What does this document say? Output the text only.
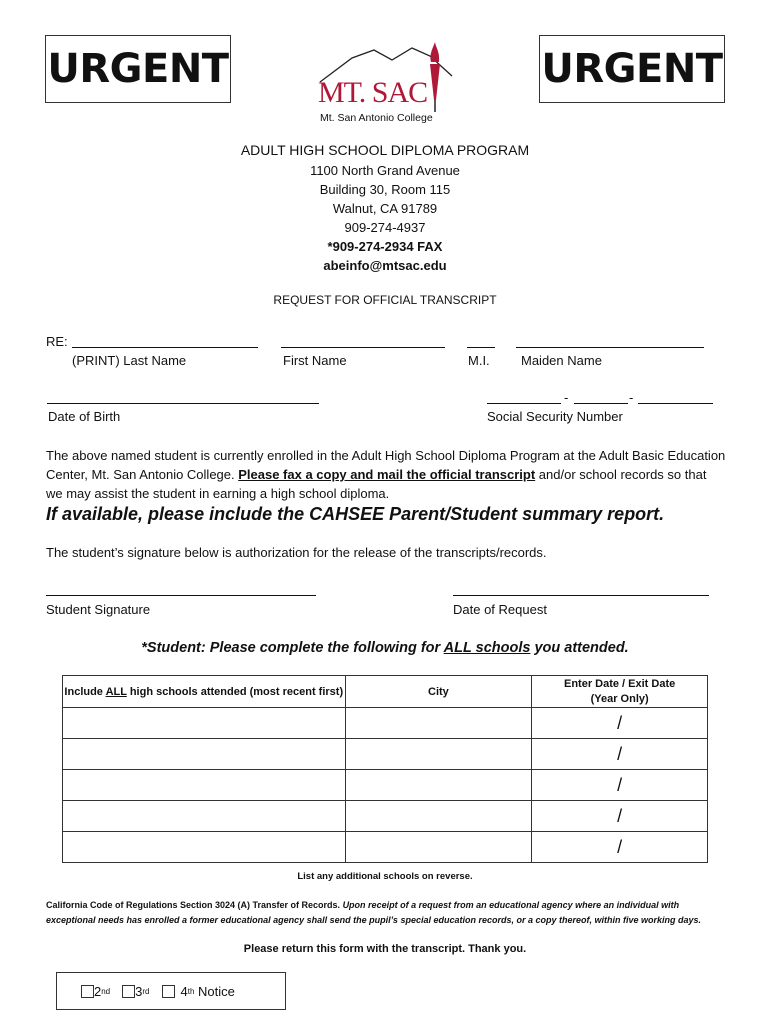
URGENT	URGENT
MT. SAC
Mt. San Antonio College
ADULT HIGH SCHOOL DIPLOMA PROGRAM
1100 North Grand Avenue
Building 30, Room 115
Walnut, CA 91789
909-274-4937
*909-274-2934 FAX
abeinfo@mtsac.edu
REQUEST FOR OFFICIAL TRANSCRIPT
RE:
(PRINT) Last Name	First Name	M.I. Maiden Name
-	-
Date of Birth	Social Security Number
The above named student is currently enrolled in the Adult High School Diploma Program at the Adult Basic Education Center, Mt. San Antonio College. Please fax a copy and mail the official transcript and/or school records so that we may assist the student in earning a high school diploma.
If available, please include the CAHSEE Parent/Student summary report.
The student’s signature below is authorization for the release of the transcripts/records.
Student Signature	Date of Request
*Student: Please complete the following for ALL schools you attended.
Include ALL high schools attended (most recent first)	City	Enter Date / Exit Date
(Year Only)

		/
		/
		/
		/
		/
List any additional schools on reverse.
California Code of Regulations Section 3024 (A) Transfer of Records. Upon receipt of a request from an educational agency where an individual with exceptional needs has enrolled a former educational agency shall send the pupil’s special education records, or a copy thereof, within five working days.
Please return this form with the transcript. Thank you.
2 nd 3 rd 4 th Notice
